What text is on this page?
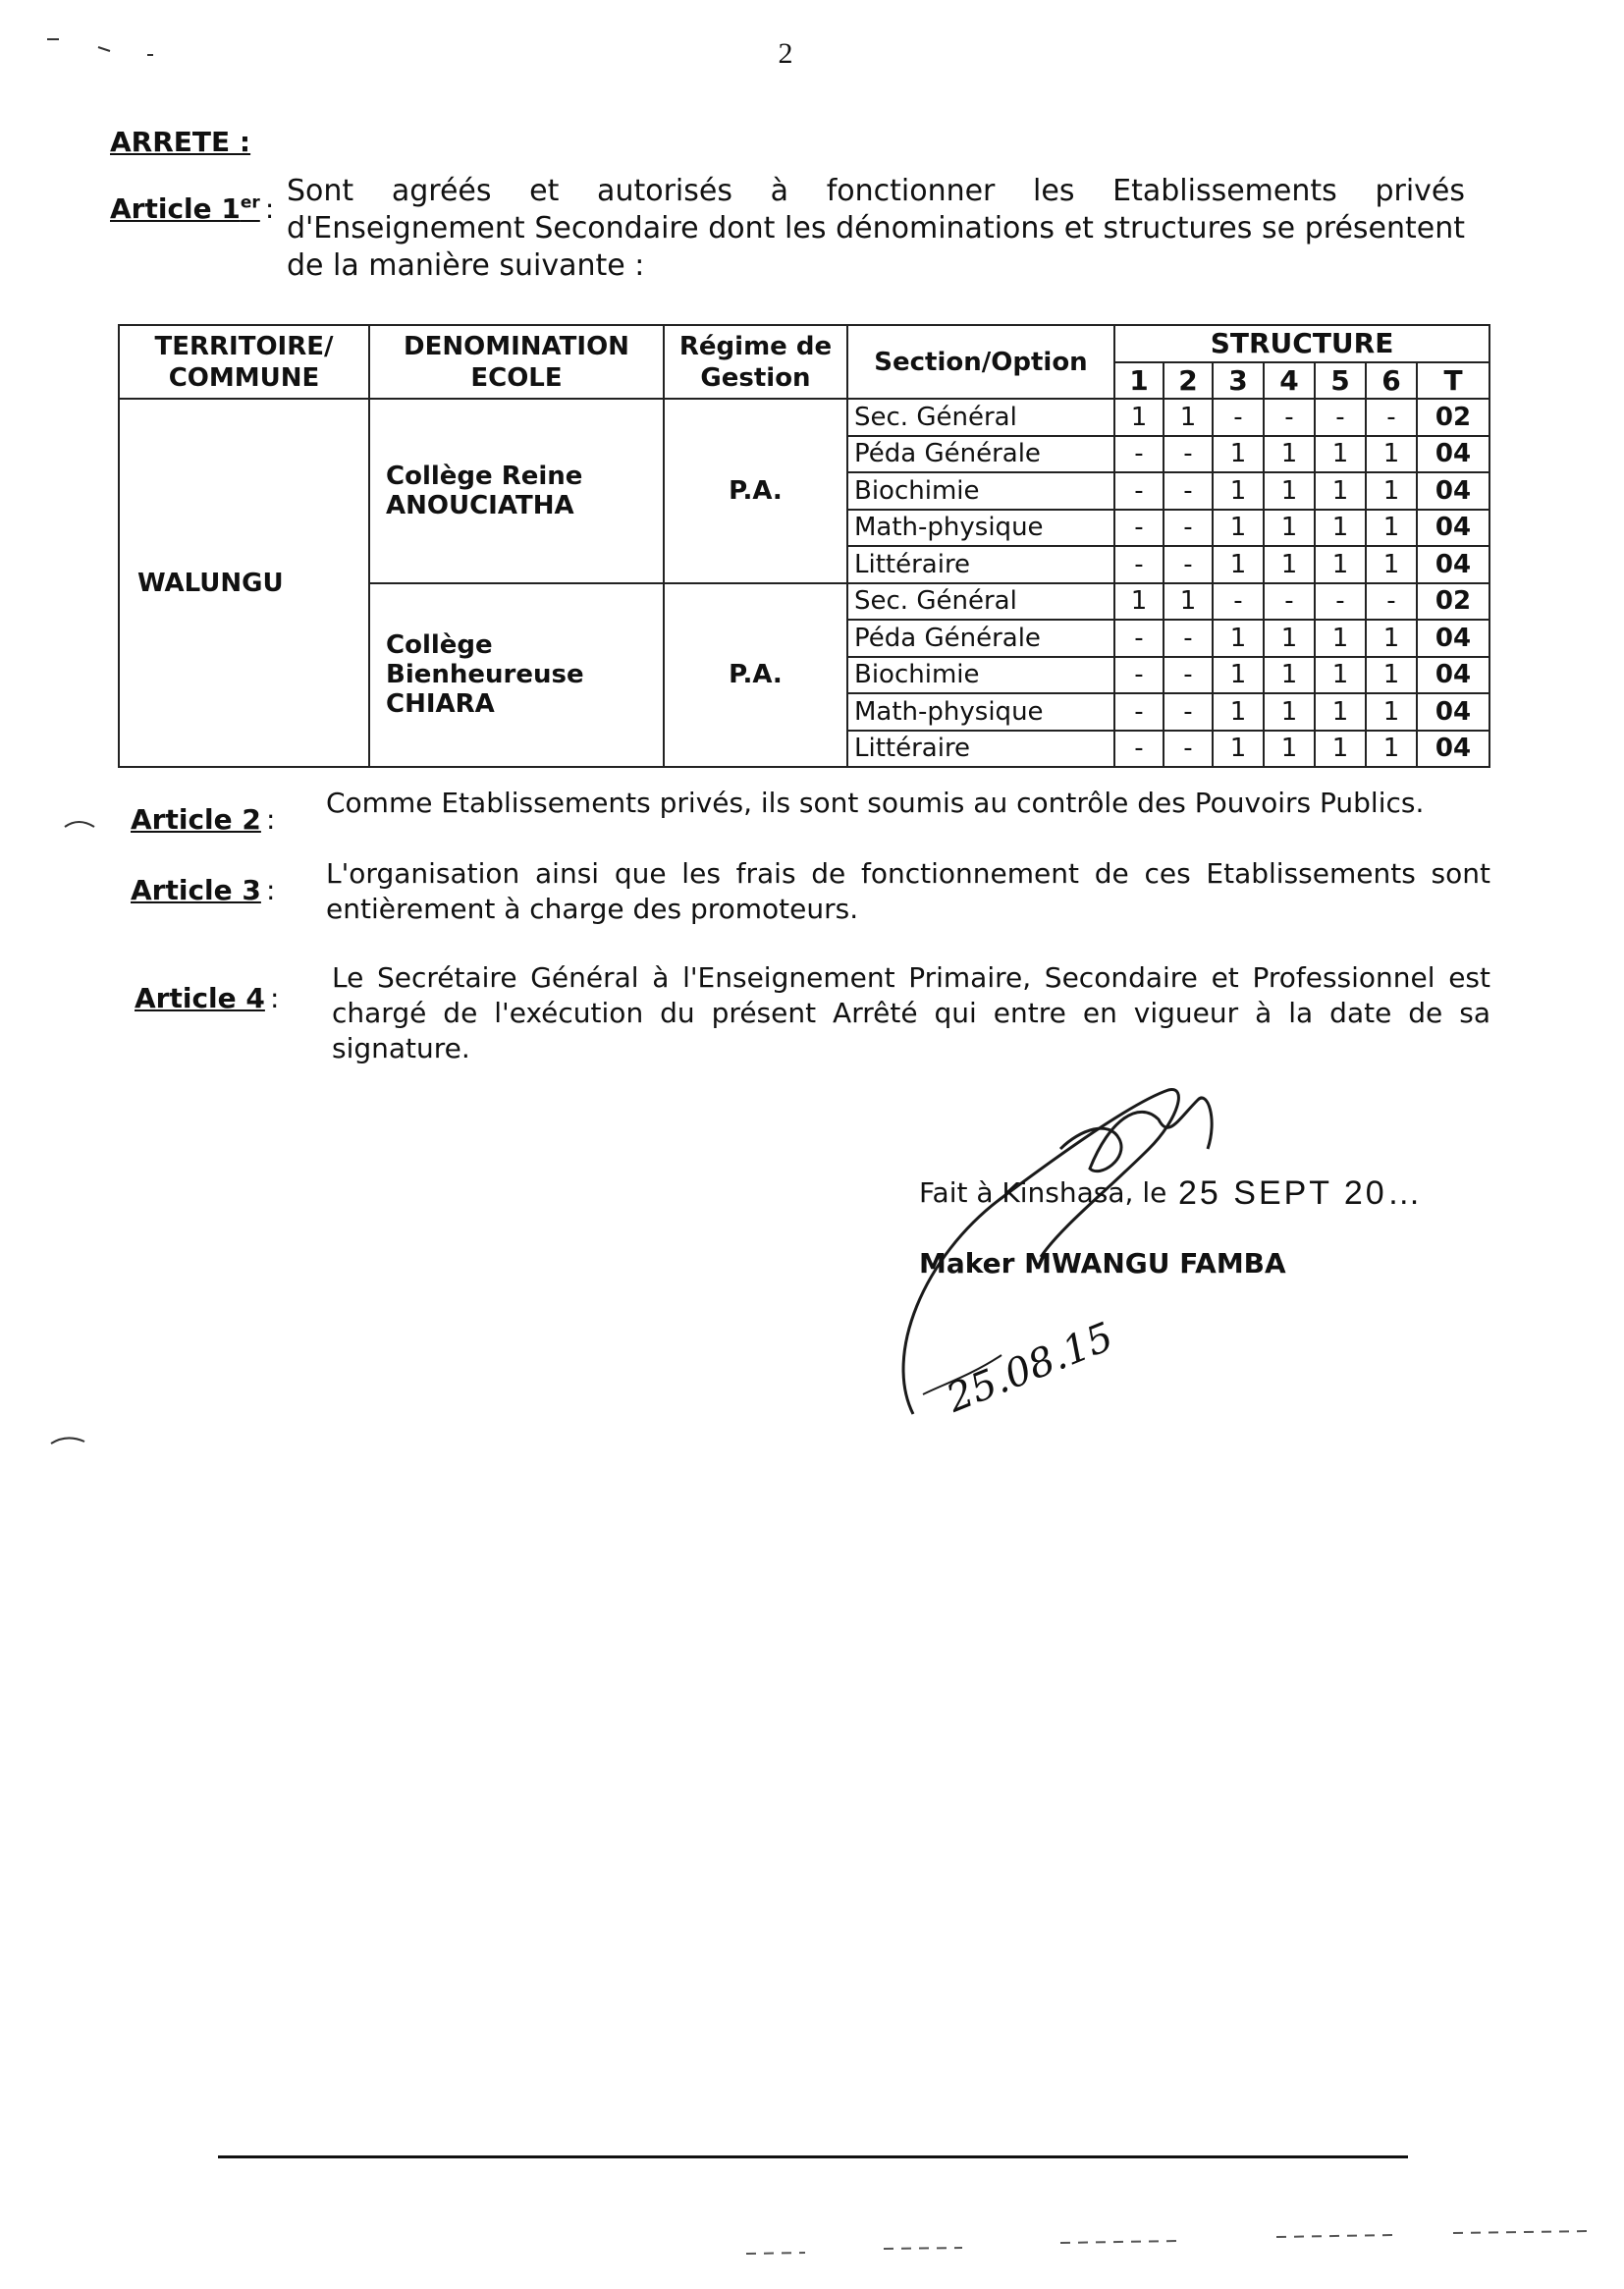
2
ARRETE :
Article 1er :
Sont agréés et autorisés à fonctionner les Etablissements privés d'Enseignement Secondaire dont les dénominations et structures se présentent de la manière suivante :
TERRITOIRE/ COMMUNE	DENOMINATION ECOLE	Régime de Gestion	Section/Option	STRUCTURE						
				1	2	3	4	5	6	T
WALUNGU	Collège Reine ANOUCIATHA	P.A.	Sec. Général	1	1	-	-	-	-	02
			Péda Générale	-	-	1	1	1	1	04
			Biochimie	-	-	1	1	1	1	04
			Math-physique	-	-	1	1	1	1	04
			Littéraire	-	-	1	1	1	1	04
	Collège Bienheureuse CHIARA	P.A.	Sec. Général	1	1	-	-	-	-	02
			Péda Générale	-	-	1	1	1	1	04
			Biochimie	-	-	1	1	1	1	04
			Math-physique	-	-	1	1	1	1	04
			Littéraire	-	-	1	1	1	1	04
Article 2 :
Comme Etablissements privés, ils sont soumis au contrôle des Pouvoirs Publics.
Article 3 :
L'organisation ainsi que les frais de fonctionnement de ces Etablissements sont entièrement à charge des promoteurs.
Article 4 :
Le Secrétaire Général à l'Enseignement Primaire, Secondaire et Professionnel est chargé de l'exécution du présent Arrêté qui entre en vigueur à la date de sa signature.
Fait à Kinshasa, le 25 SEPT 20…
Maker MWANGU FAMBA
25.08.15
